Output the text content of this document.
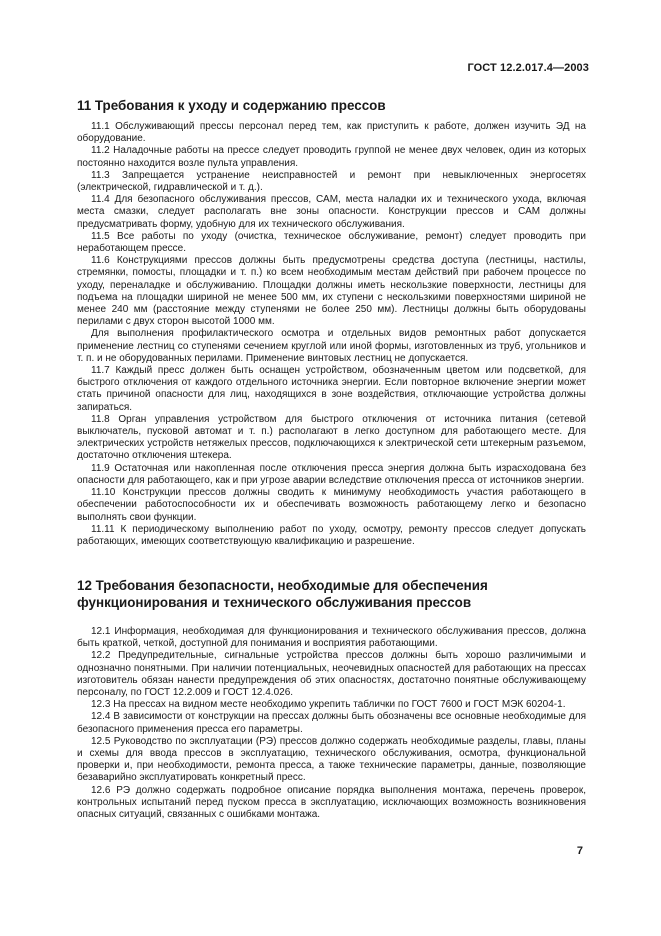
ГОСТ 12.2.017.4—2003
11 Требования к уходу и содержанию прессов

11.1 Обслуживающий прессы персонал перед тем, как приступить к работе, должен изучить ЭД на оборудование.

11.2 Наладочные работы на прессе следует проводить группой не менее двух человек, один из которых постоянно находится возле пульта управления.

11.3 Запрещается устранение неисправностей и ремонт при невыключенных энергосетях (электрической, гидравлической и т. д.).

11.4 Для безопасного обслуживания прессов, САМ, места наладки их и технического ухода, включая места смазки, следует располагать вне зоны опасности. Конструкции прессов и САМ должны предусматривать форму, удобную для их технического обслуживания.

11.5 Все работы по уходу (очистка, техническое обслуживание, ремонт) следует проводить при неработающем прессе.

11.6 Конструкциями прессов должны быть предусмотрены средства доступа (лестницы, настилы, стремянки, помосты, площадки и т. п.) ко всем необходимым местам действий при рабочем процессе по уходу, переналадке и обслуживанию. Площадки должны иметь нескользкие поверхности, лестницы для подъема на площадки шириной не менее 500 мм, их ступени с нескользкими поверхностями шириной не менее 240 мм (расстояние между ступенями не более 250 мм). Лестницы должны быть оборудованы перилами с двух сторон высотой 1000 мм.

Для выполнения профилактического осмотра и отдельных видов ремонтных работ допускается применение лестниц со ступенями сечением круглой или иной формы, изготовленных из труб, угольников и т. п. и не оборудованных перилами. Применение винтовых лестниц не допускается.

11.7 Каждый пресс должен быть оснащен устройством, обозначенным цветом или подсветкой, для быстрого отключения от каждого отдельного источника энергии. Если повторное включение энергии может стать причиной опасности для лиц, находящихся в зоне воздействия, отключающие устройства должны запираться.

11.8 Орган управления устройством для быстрого отключения от источника питания (сетевой выключатель, пусковой автомат и т. п.) располагают в легко доступном для работающего месте. Для электрических устройств нетяжелых прессов, подключающихся к электрической сети штекерным разъемом, достаточно отключения штекера.

11.9 Остаточная или накопленная после отключения пресса энергия должна быть израсходована без опасности для работающего, как и при угрозе аварии вследствие отключения пресса от источников энергии.

11.10 Конструкции прессов должны сводить к минимуму необходимость участия работающего в обеспечении работоспособности их и обеспечивать возможность работающему легко и безопасно выполнять свои функции.

11.11 К периодическому выполнению работ по уходу, осмотру, ремонту прессов следует допускать работающих, имеющих соответствующую квалификацию и разрешение.

12 Требования безопасности, необходимые для обеспечения
функционирования и технического обслуживания прессов

12.1 Информация, необходимая для функционирования и технического обслуживания прессов, должна быть краткой, четкой, доступной для понимания и восприятия работающими.

12.2 Предупредительные, сигнальные устройства прессов должны быть хорошо различимыми и однозначно понятными. При наличии потенциальных, неочевидных опасностей для работающих на прессах изготовитель обязан нанести предупреждения об этих опасностях, достаточно понятные обслуживающему персоналу, по ГОСТ 12.2.009 и ГОСТ 12.4.026.

12.3 На прессах на видном месте необходимо укрепить таблички по ГОСТ 7600 и ГОСТ МЭК 60204-1.

12.4 В зависимости от конструкции на прессах должны быть обозначены все основные необходимые для безопасного применения пресса его параметры.

12.5 Руководство по эксплуатации (РЭ) прессов должно содержать необходимые разделы, главы, планы и схемы для ввода прессов в эксплуатацию, технического обслуживания, осмотра, функциональной проверки и, при необходимости, ремонта пресса, а также технические параметры, данные, позволяющие безаварийно эксплуатировать конкретный пресс.

12.6 РЭ должно содержать подробное описание порядка выполнения монтажа, перечень проверок, контрольных испытаний перед пуском пресса в эксплуатацию, исключающих возможность возникновения опасных ситуаций, связанных с ошибками монтажа.

7
